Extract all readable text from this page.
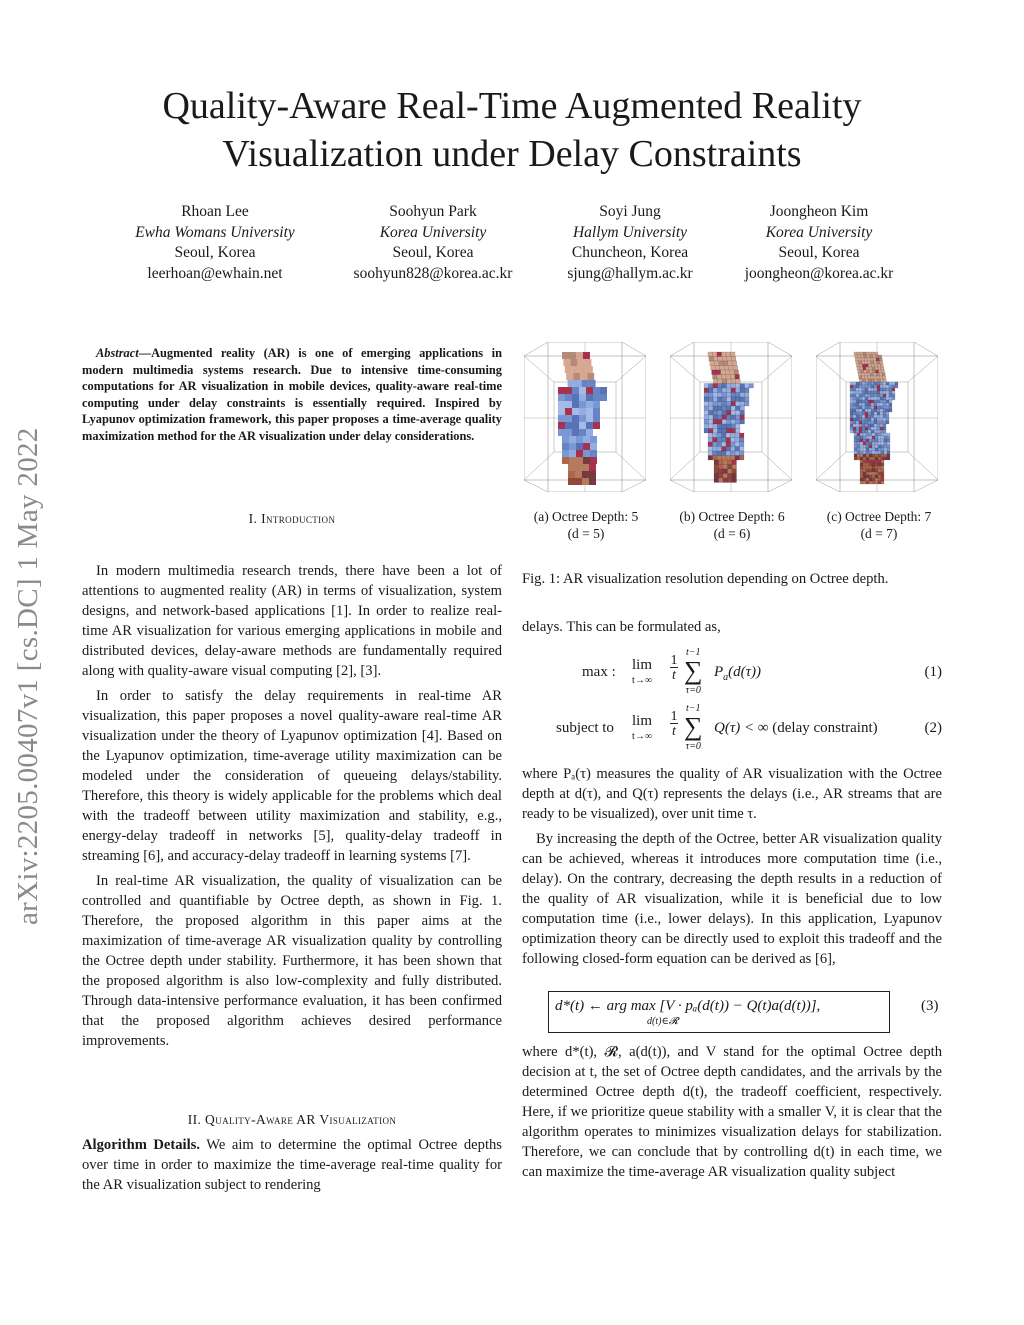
Quality-Aware Real-Time Augmented Reality
Visualization under Delay Constraints
Rhoan Lee
Ewha Womans University
Seoul, Korea
leerhoan@ewhain.net
Soohyun Park
Korea University
Seoul, Korea
soohyun828@korea.ac.kr
Soyi Jung
Hallym University
Chuncheon, Korea
sjung@hallym.ac.kr
Joongheon Kim
Korea University
Seoul, Korea
joongheon@korea.ac.kr
arXiv:2205.00407v1 [cs.DC] 1 May 2022
Abstract—Augmented reality (AR) is one of emerging applications in modern multimedia systems research. Due to intensive time-consuming computations for AR visualization in mobile devices, quality-aware real-time computing under delay constraints is essentially required. Inspired by Lyapunov optimization framework, this paper proposes a time-average quality maximization method for the AR visualization under delay considerations.
I. Introduction

In modern multimedia research trends, there have been a lot of attentions to augmented reality (AR) in terms of visualization, system designs, and network-based applications [1]. In order to realize real-time AR visualization for various emerging applications in mobile and distributed devices, delay-aware methods are fundamentally required along with quality-aware visual computing [2], [3].

In order to satisfy the delay requirements in real-time AR visualization, this paper proposes a novel quality-aware real-time AR visualization under the theory of Lyapunov optimization [4]. Based on the Lyapunov optimization, time-average utility maximization can be modeled under the consideration of queueing delays/stability. Therefore, this theory is widely applicable for the problems which deal with the tradeoff between utility maximization and stability, e.g., energy-delay tradeoff in networks [5], quality-delay tradeoff in streaming [6], and accuracy-delay tradeoff in learning systems [7].

In real-time AR visualization, the quality of visualization can be controlled and quantifiable by Octree depth, as shown in Fig. 1. Therefore, the proposed algorithm in this paper aims at the maximization of time-average AR visualization quality by controlling the Octree depth under stability. Furthermore, it has been shown that the proposed algorithm is also low-complexity and fully distributed. Through data-intensive performance evaluation, it has been confirmed that the proposed algorithm achieves desired performance improvements.

II. Quality-Aware AR Visualization

Algorithm Details. We aim to determine the optimal Octree depths over time in order to maximize the time-average real-time quality for the AR visualization subject to rendering

(a) Octree Depth: 5
(d = 5)
(b) Octree Depth: 6
(d = 6)
(c) Octree Depth: 7
(d = 7)
Fig. 1: AR visualization resolution depending on Octree depth.
delays. This can be formulated as,
max : lim
$t\to\infty \frac{1}{t}$
t−1
∑
τ=0
$P_a(d(\tau))$	(1)
subject to lim
$t\to\infty \frac{1}{t}$
t−1
∑
τ=0
Q(τ) < ∞ (delay constraint)	(2)

where Pₐ(τ) measures the quality of AR visualization with the Octree depth at d(τ), and Q(τ) represents the delays (i.e., AR streams that are ready to be visualized), over unit time τ.

By increasing the depth of the Octree, better AR visualization quality can be achieved, whereas it introduces more computation time (i.e., delay). On the contrary, decreasing the depth results in a reduction of the quality of AR visualization, while it is beneficial due to low computation time (i.e., lower delays). In this application, Lyapunov optimization theory can be directly used to exploit this tradeoff and the following closed-form equation can be derived as [6],

d*(t) ← arg max [V · pₐ(d(t)) − Q(t)a(d(t))],
d(t)∈𝓡
(3)

where d*(t), 𝓡, a(d(t)), and V stand for the optimal Octree depth decision at t, the set of Octree depth candidates, and the arrivals by the determined Octree depth d(t), the tradeoff coefficient, respectively. Here, if we prioritize queue stability with a smaller V, it is clear that the algorithm operates to minimizes visualization delays for stabilization. Therefore, we can conclude that by controlling d(t) in each time, we can maximize the time-average AR visualization quality subject
